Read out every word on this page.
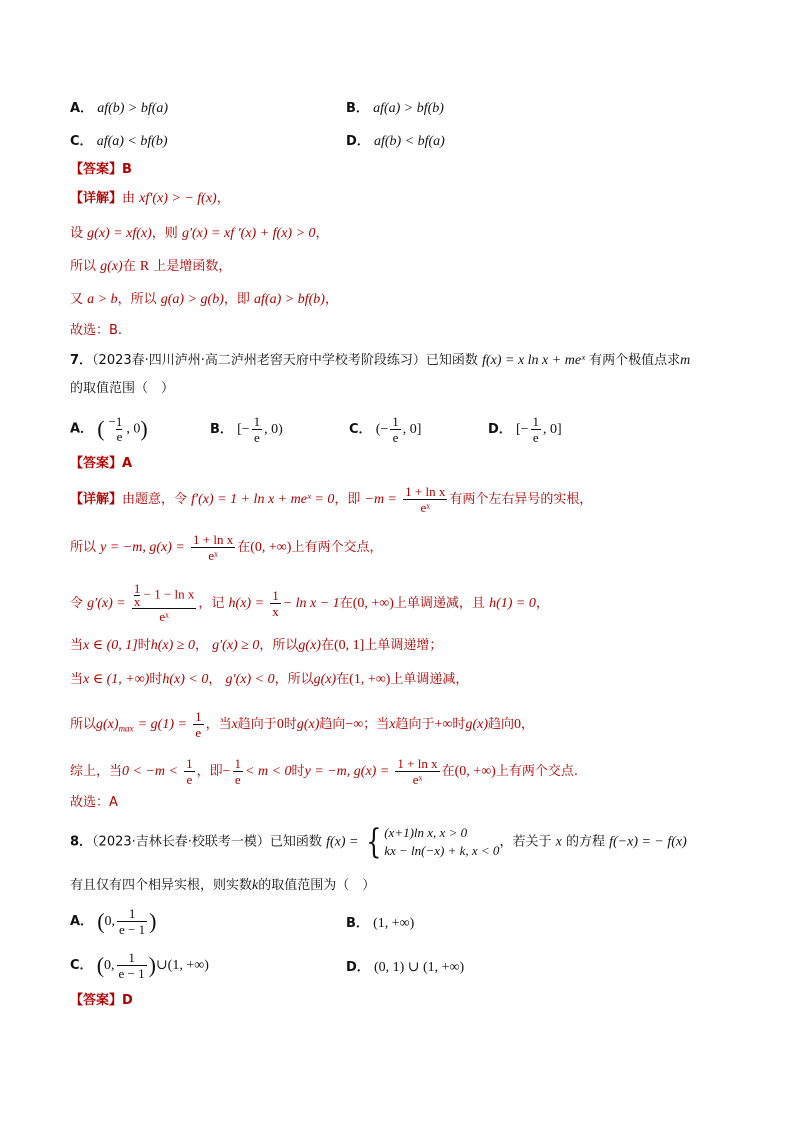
A． af(b) > bf(a)	B． af(a) > bf(b)
C． af(a) < bf(b)	D． af(b) < bf(a)
【答案】B
【详解】由 xf′(x) > − f(x)，
设 g(x) = xf(x)，则 g′(x) = xf ′(x) + f(x) > 0，
所以 g(x)在 R 上是增函数，
又 a > b，所以 g(a) > g(b)，即 af(a) > bf(b)，
故选：B.
7．（2023春·四川泸州·高二泸州老窖天府中学校考阶段练习）已知函数 f(x) = x ln x + meˣ 有两个极值点求m
的取值范围（　）
A． ( −1
e , 0)	B． [− $\frac{1}{e}$ , 0)	C． (− $\frac{1}{e}$ , 0]	D． [− $\frac{1}{e}$ , 0]
【答案】A
【详解】由题意，令 f′(x) = 1 + ln x + meˣ = 0，即 $-m = \frac{\text{1 + ln x}}{\text{eˣ}}$ 有两个左右异号的实根，
所以 y = −m, $g(x) = \frac{\text{1 + ln x}}{\text{eˣ}}$ 在(0, +∞)上有两个交点，
令 $g'(x) = \frac{\frac{1}{x} - 1 - \ln x}{\text{eˣ}}$ ，记 $h(x) = \frac{1}{x} - \ln x - 1$在(0, +∞)上单调递减，且 h(1) = 0，
当x ∈ (0, 1]时h(x) ≥ 0， g′(x) ≥ 0，所以g(x)在(0, 1]上单调递增；
当x ∈ (1, +∞)时h(x) < 0， g′(x) < 0，所以g(x)在(1, +∞)上单调递减，
所以$g(x)_{max} = g(1) = \frac{1}{e}$ ，当x趋向于0时g(x)趋向−∞；当x趋向于+∞时g(x)趋向0，
综上，当$0 < -m < \frac{1}{e}$ ，即− $\frac{1}{e} < m < 0$时y = −m, $g(x) = \frac{\text{1 + ln x}}{\text{eˣ}}$ 在(0, +∞)上有两个交点.
故选：A
8．（2023·吉林长春·校联考一模）已知函数 f(x) = { (x+1)ln x, x > 0
kx − ln(−x) + k, x < 0
，若关于 x 的方程 f(−x) = − f(x)
有且仅有四个相异实根，则实数k的取值范围为（　）
A． (0, $\frac{1}{e - 1}$ )	B． (1, +∞)
C． (0, $\frac{1}{e - 1}$ )∪(1, +∞)	D． (0, 1) ∪ (1, +∞)
【答案】D
